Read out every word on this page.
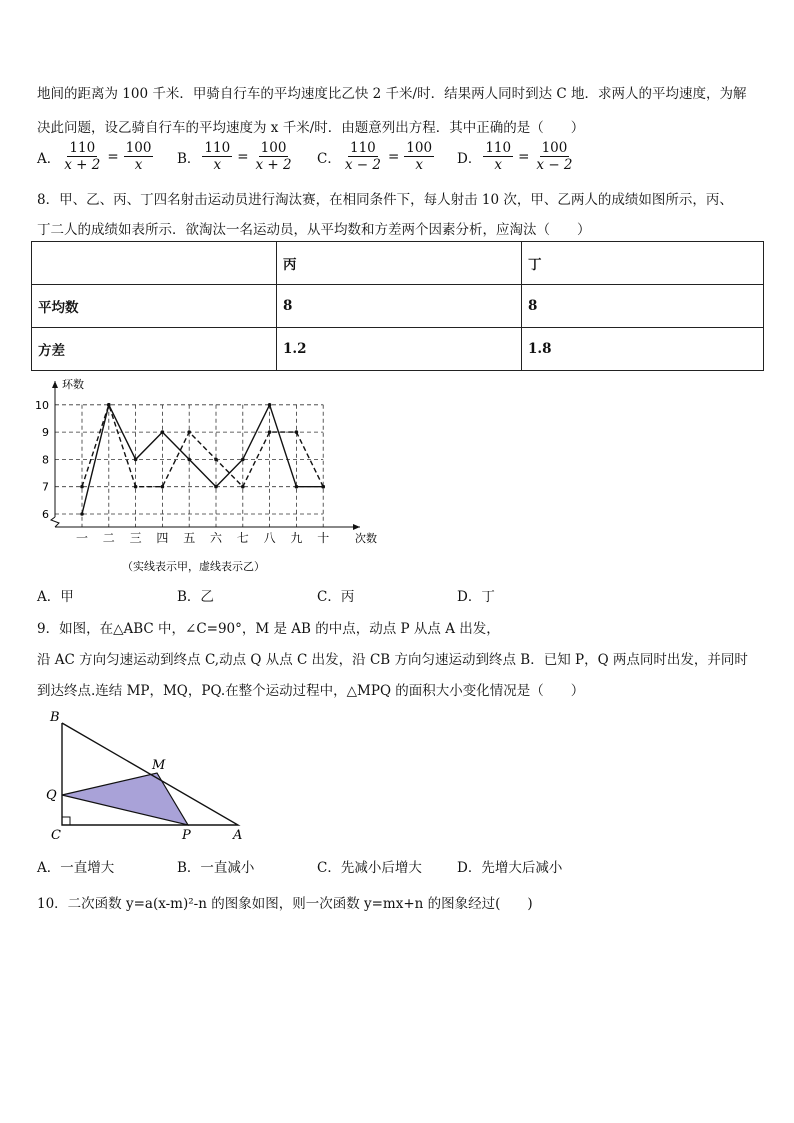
地间的距离为 100 千米．甲骑自行车的平均速度比乙快 2 千米/时．结果两人同时到达 C 地．求两人的平均速度，为解
决此问题，设乙骑自行车的平均速度为 x 千米/时．由题意列出方程．其中正确的是（　　）
A． $\frac{110}{x + 2} = \frac{100}{x}$ B． $\frac{110}{x} = \frac{100}{x + 2}$ C． $\frac{110}{x - 2} = \frac{100}{x}$ D． $\frac{110}{x} = \frac{100}{x - 2}$
8．甲、乙、丙、丁四名射击运动员进行淘汰赛，在相同条件下，每人射击 10 次，甲、乙两人的成绩如图所示，丙、
丁二人的成绩如表所示．欲淘汰一名运动员，从平均数和方差两个因素分析，应淘汰（　　）
	丙	丁
平均数	8	8
方差	1.2	1.8
6
7
8
9
10
一 二 三 四 五 六 七 八 九 十
环数
次数
（实线表示甲，虚线表示乙）
A．甲	B．乙	C．丙	D．丁
9．如图，在△ABC 中，∠C=90°，M 是 AB 的中点，动点 P 从点 A 出发，
沿 AC 方向匀速运动到终点 C,动点 Q 从点 C 出发，沿 CB 方向匀速运动到终点 B．已知 P，Q 两点同时出发，并同时
到达终点.连结 MP，MQ，PQ.在整个运动过程中，△MPQ 的面积大小变化情况是（　　）
B
M
Q
C	P	A
A．一直增大	B．一直减小	C．先减小后增大	D．先增大后减小
10．二次函数 y=a(x-m)²-n 的图象如图，则一次函数 y=mx+n 的图象经过(　　)
